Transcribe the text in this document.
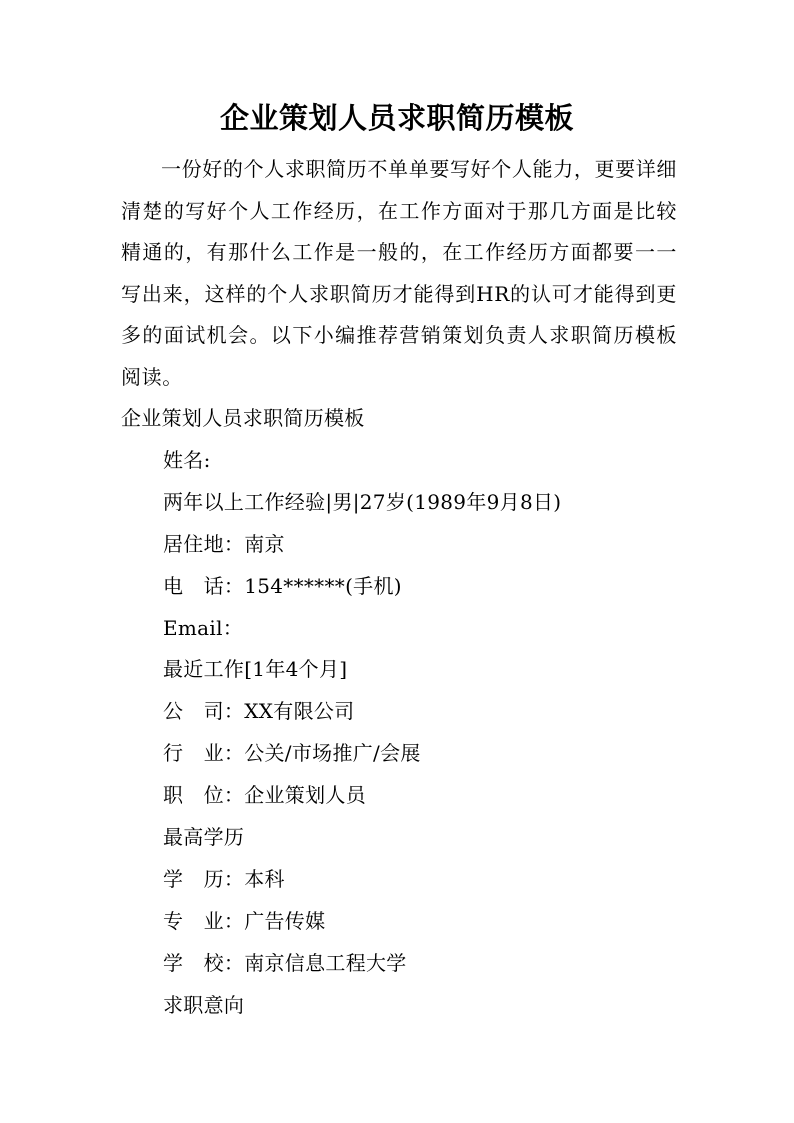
企业策划人员求职简历模板

一份好的个人求职简历不单单要写好个人能力，更要详细清楚的写好个人工作经历，在工作方面对于那几方面是比较精通的，有那什么工作是一般的，在工作经历方面都要一一写出来，这样的个人求职简历才能得到HR的认可才能得到更多的面试机会。以下小编推荐营销策划负责人求职简历模板阅读。

企业策划人员求职简历模板
姓名:
两年以上工作经验|男|27岁(1989年9月8日)
居住地：南京
电　话：154******(手机)
Email：
最近工作[1年4个月]
公　司：XX有限公司
行　业：公关/市场推广/会展
职　位：企业策划人员
最高学历
学　历：本科
专　业：广告传媒
学　校：南京信息工程大学
求职意向
